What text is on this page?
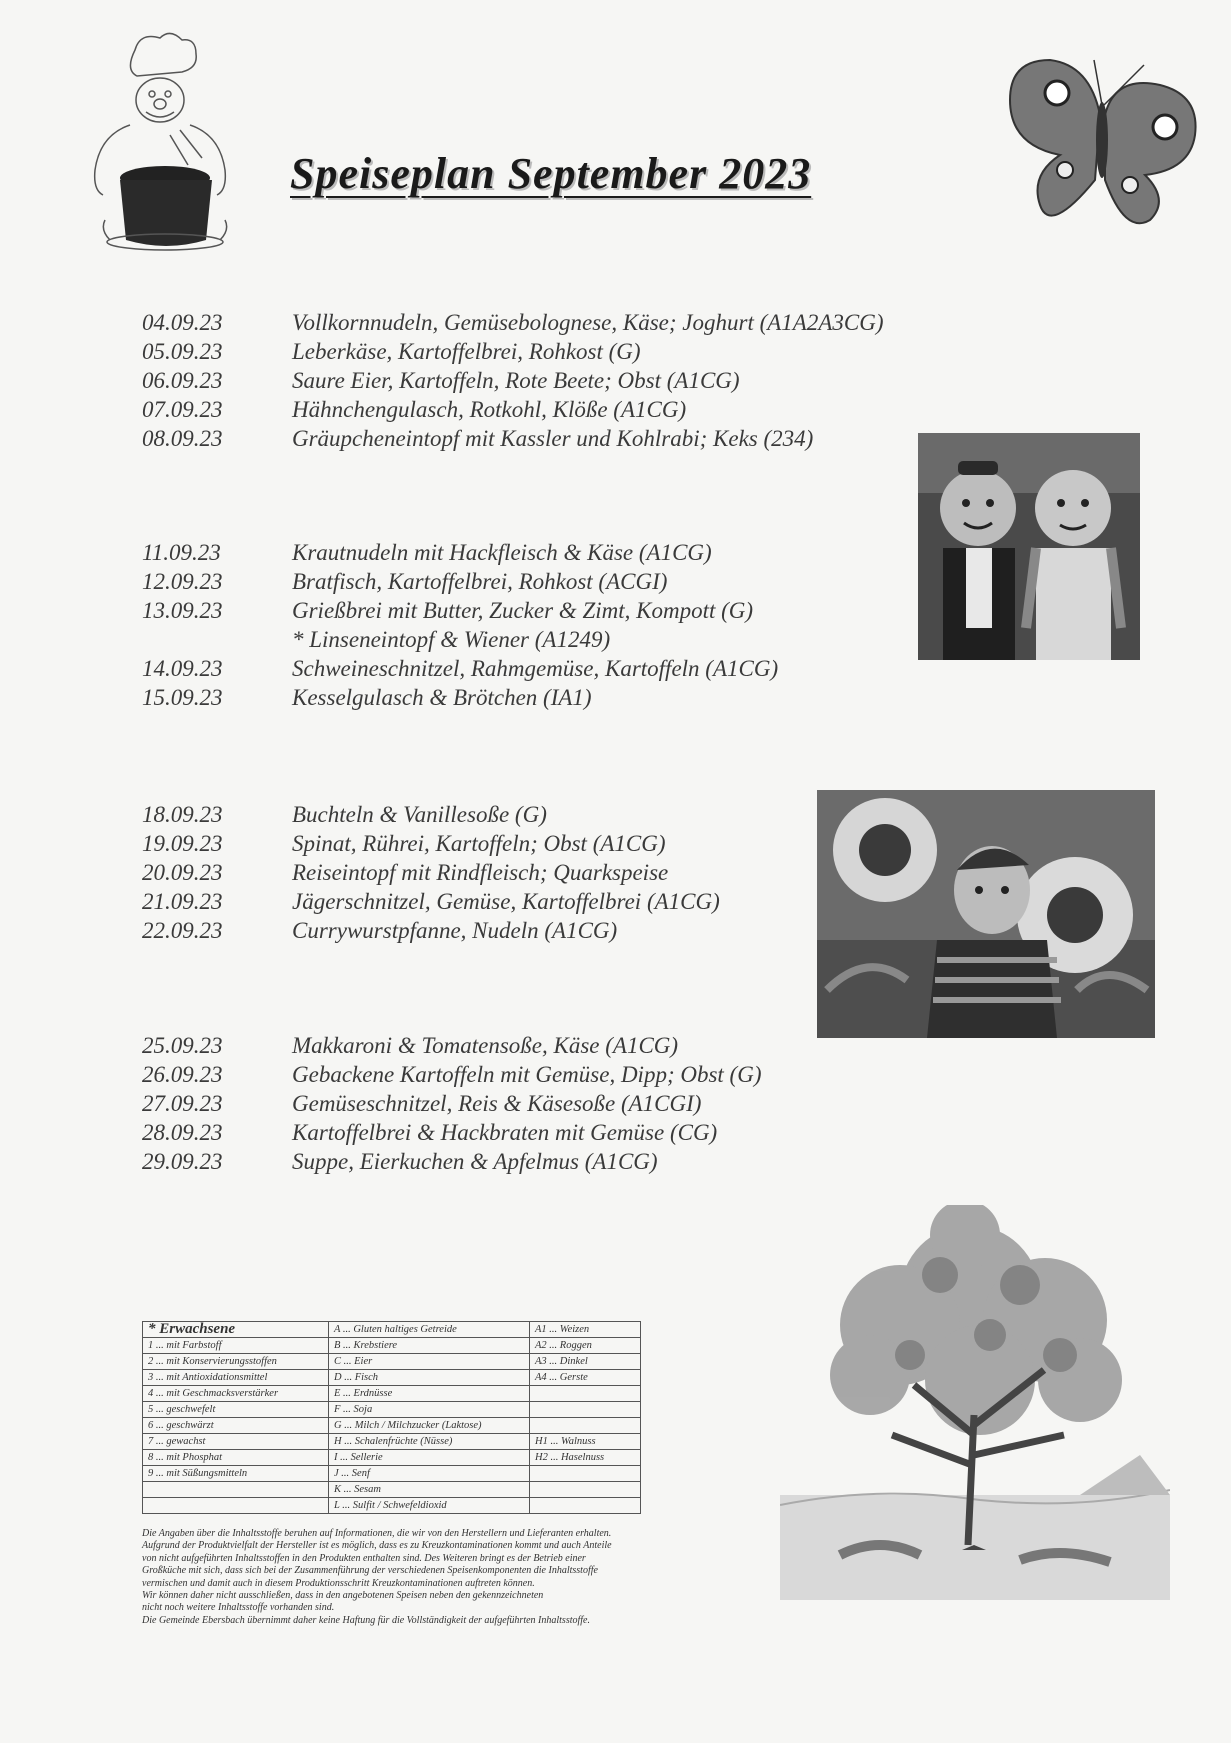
Speiseplan September 2023
04.09.23	Vollkornnudeln, Gemüsebolognese, Käse; Joghurt (A1A2A3CG)
05.09.23	Leberkäse, Kartoffelbrei, Rohkost (G)
06.09.23	Saure Eier, Kartoffeln, Rote Beete; Obst (A1CG)
07.09.23	Hähnchengulasch, Rotkohl, Klöße (A1CG)
08.09.23	Gräupcheneintopf mit Kassler und Kohlrabi; Keks (234)
11.09.23	Krautnudeln mit Hackfleisch & Käse (A1CG)
12.09.23	Bratfisch, Kartoffelbrei, Rohkost (ACGI)
13.09.23	Grießbrei mit Butter, Zucker & Zimt, Kompott (G)
* Linseneintopf & Wiener (A1249)
14.09.23	Schweineschnitzel, Rahmgemüse, Kartoffeln (A1CG)
15.09.23	Kesselgulasch & Brötchen (IA1)
18.09.23	Buchteln & Vanillesoße (G)
19.09.23	Spinat, Rührei, Kartoffeln; Obst (A1CG)
20.09.23	Reiseintopf mit Rindfleisch; Quarkspeise
21.09.23	Jägerschnitzel, Gemüse, Kartoffelbrei (A1CG)
22.09.23	Currywurstpfanne, Nudeln (A1CG)
25.09.23	Makkaroni & Tomatensoße, Käse (A1CG)
26.09.23	Gebackene Kartoffeln mit Gemüse, Dipp; Obst (G)
27.09.23	Gemüseschnitzel, Reis & Käsesoße (A1CGI)
28.09.23	Kartoffelbrei & Hackbraten mit Gemüse (CG)
29.09.23	Suppe, Eierkuchen & Apfelmus (A1CG)
* Erwachsene	A ... Gluten haltiges Getreide	A1 ... Weizen
1 ... mit Farbstoff	B ... Krebstiere	A2 ... Roggen
2 ... mit Konservierungsstoffen	C ... Eier	A3 ... Dinkel
3 ... mit Antioxidationsmittel	D ... Fisch	A4 ... Gerste
4 ... mit Geschmacksverstärker	E ... Erdnüsse	
5 ... geschwefelt	F ... Soja	
6 ... geschwärzt	G ... Milch / Milchzucker (Laktose)	
7 ... gewachst	H ... Schalenfrüchte (Nüsse)	H1 ... Walnuss
8 ... mit Phosphat	I ... Sellerie	H2 ... Haselnuss
9 ... mit Süßungsmitteln	J ... Senf	
	K ... Sesam	
	L ... Sulfit / Schwefeldioxid	
Die Angaben über die Inhaltsstoffe beruhen auf Informationen, die wir von den Herstellern und Lieferanten erhalten.
Aufgrund der Produktvielfalt der Hersteller ist es möglich, dass es zu Kreuzkontaminationen kommt und auch Anteile
von nicht aufgeführten Inhaltsstoffen in den Produkten enthalten sind. Des Weiteren bringt es der Betrieb einer
Großküche mit sich, dass sich bei der Zusammenführung der verschiedenen Speisenkomponenten die Inhaltsstoffe
vermischen und damit auch in diesem Produktionsschritt Kreuzkontaminationen auftreten können.
Wir können daher nicht ausschließen, dass in den angebotenen Speisen neben den gekennzeichneten
nicht noch weitere Inhaltsstoffe vorhanden sind.
Die Gemeinde Ebersbach übernimmt daher keine Haftung für die Vollständigkeit der aufgeführten Inhaltsstoffe.
